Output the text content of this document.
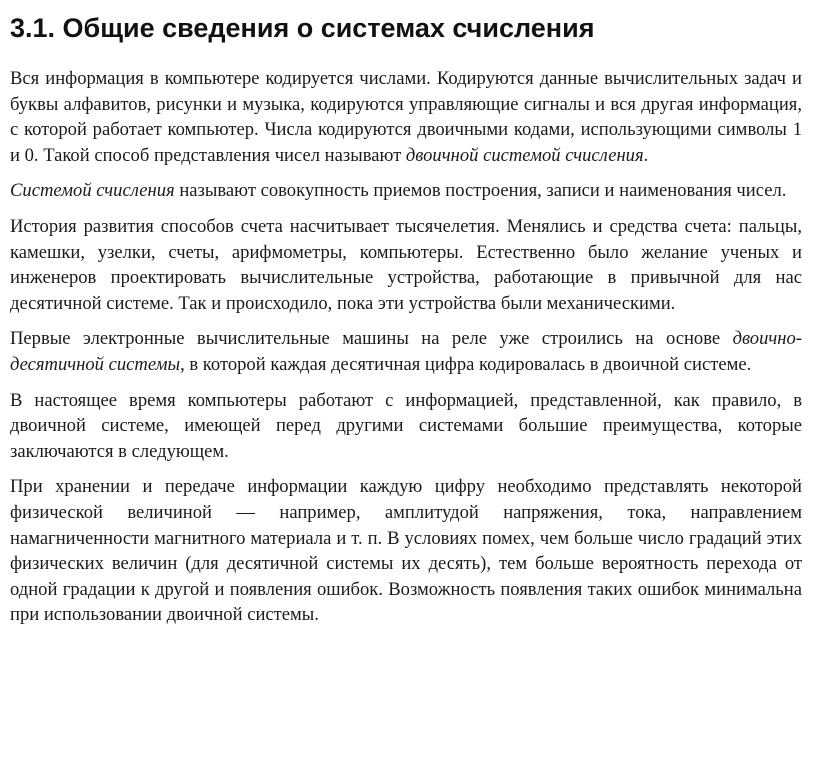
3.1. Общие сведения о системах счисления

Вся информация в компьютере кодируется числами. Кодируются данные вычислительных задач и буквы алфавитов, рисунки и музыка, кодируются управляющие сигналы и вся другая информация, с которой работает компьютер. Числа кодируются двоичными кодами, использующими символы 1 и 0. Такой способ представления чисел называют двоичной системой счисления.

Системой счисления называют совокупность приемов построения, записи и наименования чисел.

История развития способов счета насчитывает тысячелетия. Менялись и средства счета: пальцы, камешки, узелки, счеты, арифмометры, компьютеры. Естественно было желание ученых и инженеров проектировать вычислительные устройства, работающие в привычной для нас десятичной системе. Так и происходило, пока эти устройства были механическими.

Первые электронные вычислительные машины на реле уже строились на основе двоично-десятичной системы, в которой каждая десятичная цифра кодировалась в двоичной системе.

В настоящее время компьютеры работают с информацией, представленной, как правило, в двоичной системе, имеющей перед другими системами большие преимущества, которые заключаются в следующем.

При хранении и передаче информации каждую цифру необходимо представлять некоторой физической величиной — например, амплитудой напряжения, тока, направлением намагниченности магнитного материала и т. п. В условиях помех, чем больше число градаций этих физических величин (для десятичной системы их десять), тем больше вероятность перехода от одной градации к другой и появления ошибок. Возможность появления таких ошибок минимальна при использовании двоичной системы.
